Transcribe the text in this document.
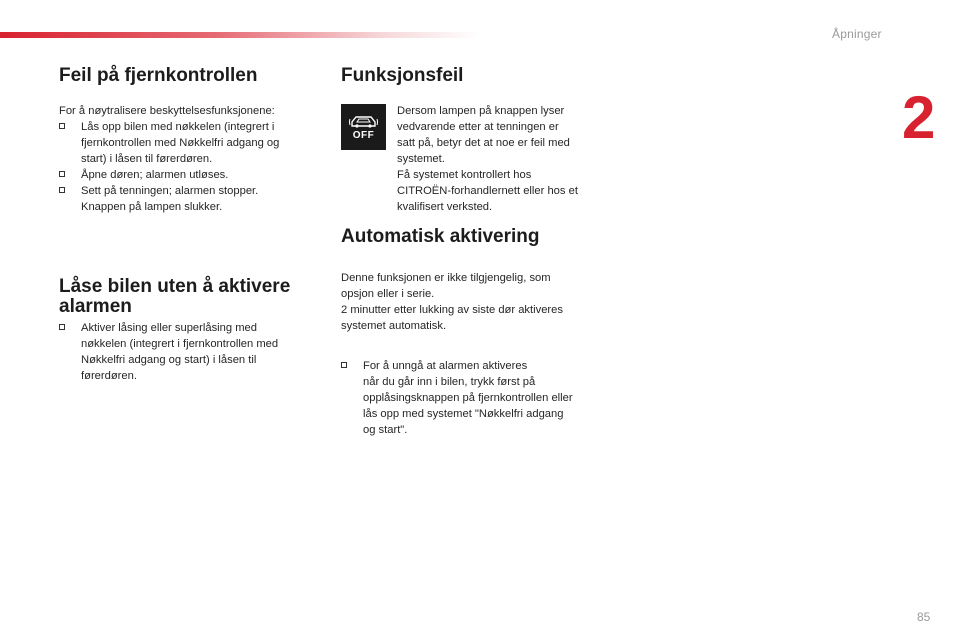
Åpninger
2
Feil på fjernkontrollen

For å nøytralisere beskyttelsesfunksjonene:

Lås opp bilen med nøkkelen (integrert i
fjernkontrollen med Nøkkelfri adgang og
start) i låsen til førerdøren.
Åpne døren; alarmen utløses.
Sett på tenningen; alarmen stopper.
Knappen på lampen slukker.
Låse bilen uten å aktivere
alarmen
Aktiver låsing eller superlåsing med
nøkkelen (integrert i fjernkontrollen med
Nøkkelfri adgang og start) i låsen til
førerdøren.
Funksjonsfeil
OFF
Dersom lampen på knappen lyser
vedvarende etter at tenningen er
satt på, betyr det at noe er feil med
systemet.
Få systemet kontrollert hos
CITROËN-forhandlernett eller hos et
kvalifisert verksted.
Automatisk aktivering
Denne funksjonen er ikke tilgjengelig, som
opsjon eller i serie.
2 minutter etter lukking av siste dør aktiveres
systemet automatisk.
For å unngå at alarmen aktiveres
når du går inn i bilen, trykk først på
opplåsingsknappen på fjernkontrollen eller
lås opp med systemet "Nøkkelfri adgang
og start".
85
